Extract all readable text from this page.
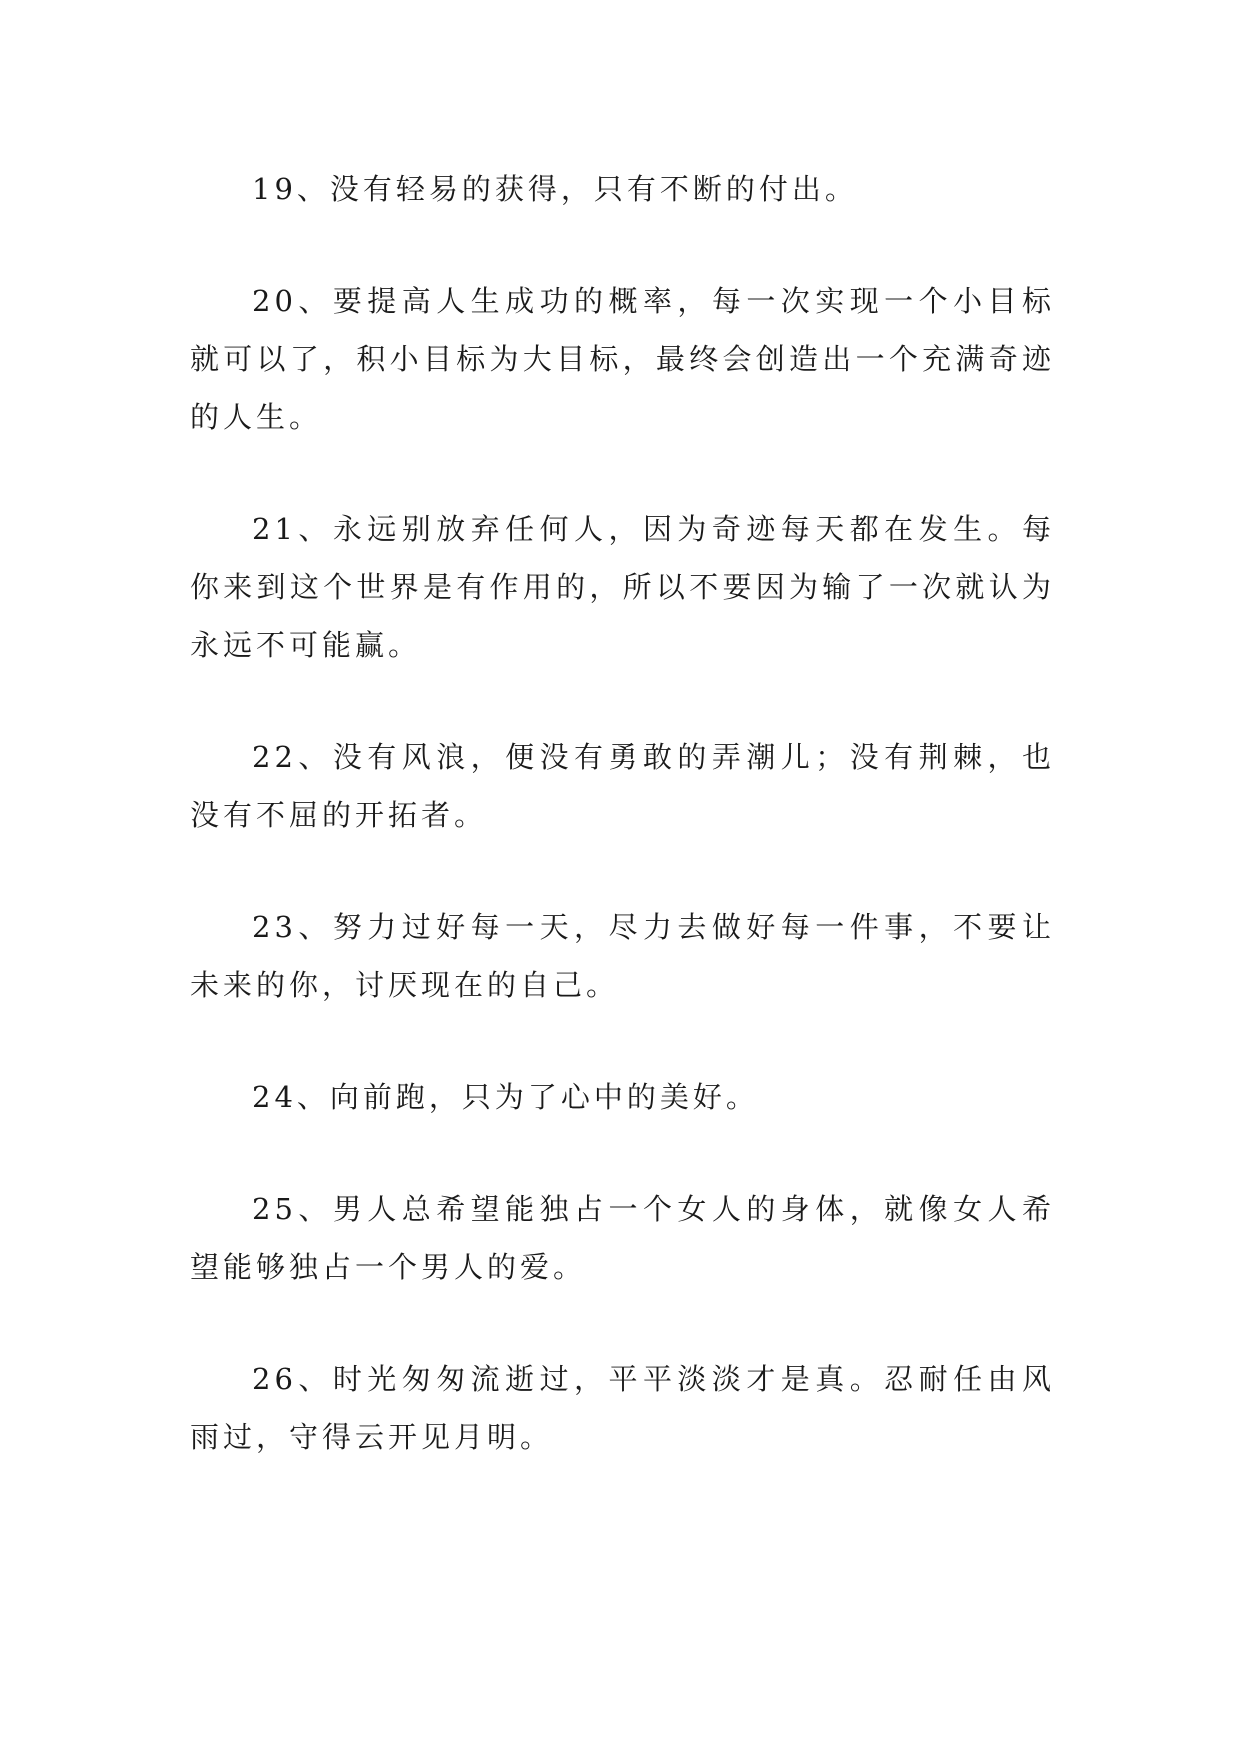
19、没有轻易的获得，只有不断的付出。

20、要提高人生成功的概率，每一次实现一个小目标就可以了，积小目标为大目标，最终会创造出一个充满奇迹的人生。

21、永远别放弃任何人，因为奇迹每天都在发生。每你来到这个世界是有作用的，所以不要因为输了一次就认为永远不可能赢。

22、没有风浪，便没有勇敢的弄潮儿；没有荆棘，也没有不屈的开拓者。

23、努力过好每一天，尽力去做好每一件事，不要让未来的你，讨厌现在的自己。

24、向前跑，只为了心中的美好。

25、男人总希望能独占一个女人的身体，就像女人希望能够独占一个男人的爱。

26、时光匆匆流逝过，平平淡淡才是真。忍耐任由风雨过，守得云开见月明。
